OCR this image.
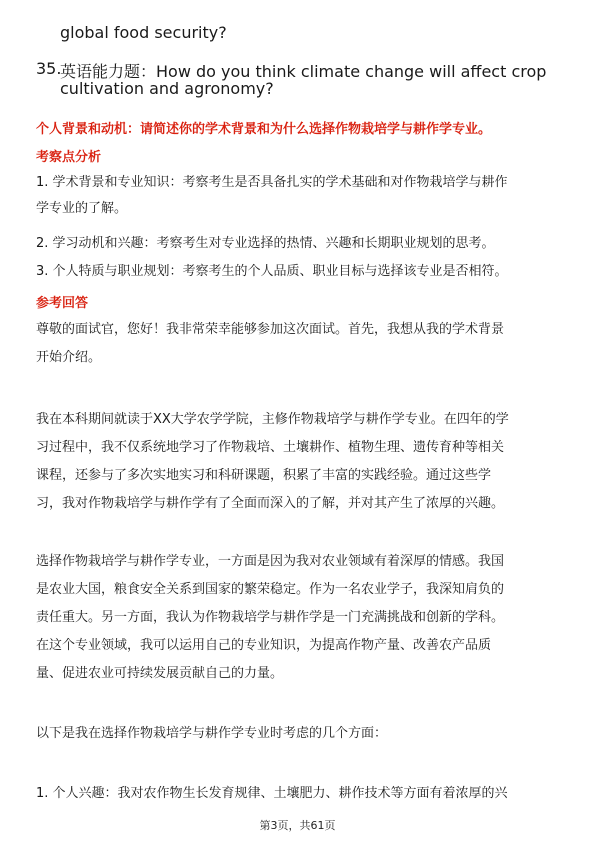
global food security?
35.
英语能力题：How do you think climate change will affect crop
cultivation and agronomy?
个人背景和动机：请简述你的学术背景和为什么选择作物栽培学与耕作学专业。
考察点分析
1. 学术背景和专业知识：考察考生是否具备扎实的学术基础和对作物栽培学与耕作
学专业的了解。
2. 学习动机和兴趣：考察考生对专业选择的热情、兴趣和长期职业规划的思考。
3. 个人特质与职业规划：考察考生的个人品质、职业目标与选择该专业是否相符。
参考回答
尊敬的面试官，您好！我非常荣幸能够参加这次面试。首先，我想从我的学术背景
开始介绍。
我在本科期间就读于XX大学农学学院，主修作物栽培学与耕作学专业。在四年的学
习过程中，我不仅系统地学习了作物栽培、土壤耕作、植物生理、遗传育种等相关
课程，还参与了多次实地实习和科研课题，积累了丰富的实践经验。通过这些学
习，我对作物栽培学与耕作学有了全面而深入的了解，并对其产生了浓厚的兴趣。
选择作物栽培学与耕作学专业，一方面是因为我对农业领域有着深厚的情感。我国
是农业大国，粮食安全关系到国家的繁荣稳定。作为一名农业学子，我深知肩负的
责任重大。另一方面，我认为作物栽培学与耕作学是一门充满挑战和创新的学科。
在这个专业领域，我可以运用自己的专业知识，为提高作物产量、改善农产品质
量、促进农业可持续发展贡献自己的力量。
以下是我在选择作物栽培学与耕作学专业时考虑的几个方面：
1. 个人兴趣：我对农作物生长发育规律、土壤肥力、耕作技术等方面有着浓厚的兴
第3页，共61页
